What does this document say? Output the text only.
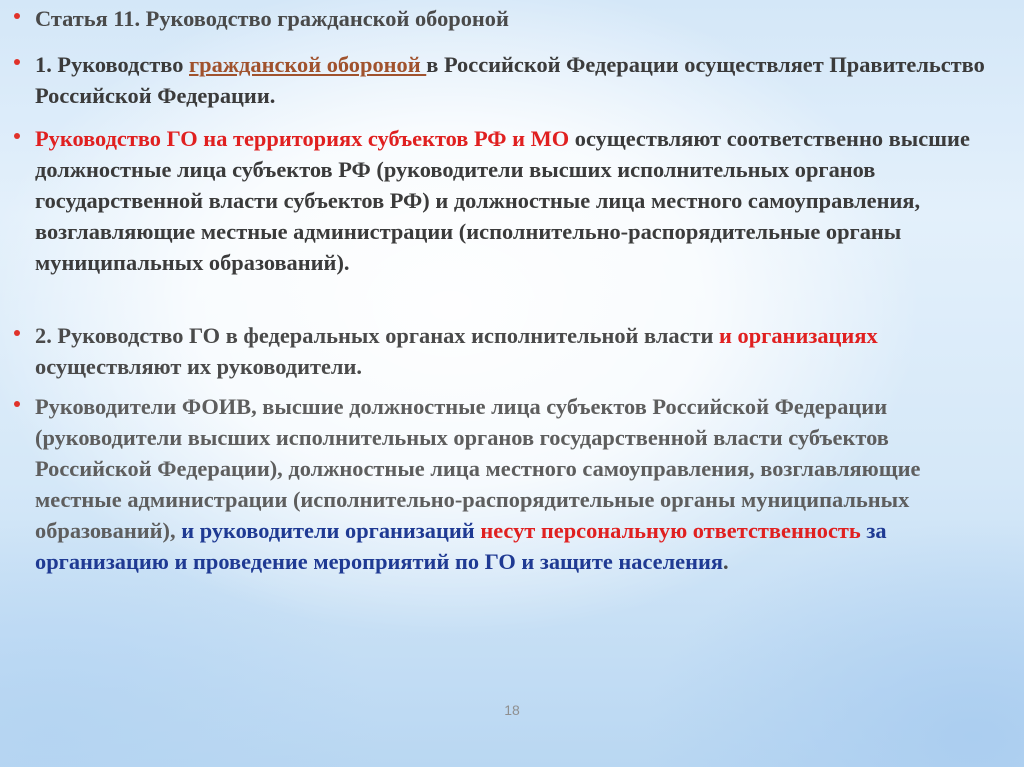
Статья 11. Руководство гражданской обороной
1. Руководство гражданской обороной в Российской Федерации осуществляет Правительство Российской Федерации.
Руководство ГО на территориях субъектов РФ и МО осуществляют соответственно высшие должностные лица субъектов РФ (руководители высших исполнительных органов государственной власти субъектов РФ) и должностные лица местного самоуправления, возглавляющие местные администрации (исполнительно-распорядительные органы муниципальных образований).
2. Руководство ГО в федеральных органах исполнительной власти и организациях осуществляют их руководители.
Руководители ФОИВ, высшие должностные лица субъектов Российской Федерации (руководители высших исполнительных органов государственной власти субъектов Российской Федерации), должностные лица местного самоуправления, возглавляющие местные администрации (исполнительно-распорядительные органы муниципальных образований), и руководители организаций несут персональную ответственность за организацию и проведение мероприятий по ГО и защите населения.
18
